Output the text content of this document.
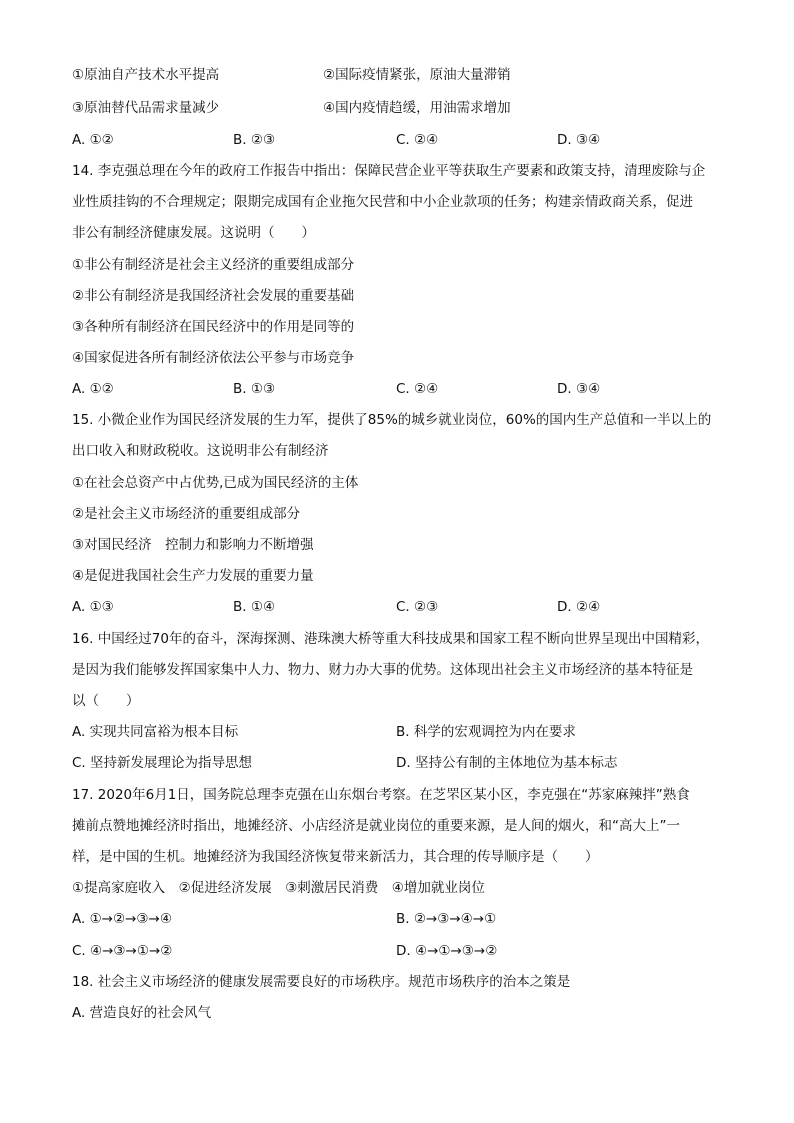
①原油自产技术水平提高	②国际疫情紧张，原油大量滞销
③原油替代品需求量减少	④国内疫情趋缓，用油需求增加
A. ①②	B. ②③	C. ②④	D. ③④
14. 李克强总理在今年的政府工作报告中指出：保障民营企业平等获取生产要素和政策支持，清理废除与企
业性质挂钩的不合理规定；限期完成国有企业拖欠民营和中小企业款项的任务；构建亲情政商关系，促进
非公有制经济健康发展。这说明（　　）
①非公有制经济是社会主义经济的重要组成部分
②非公有制经济是我国经济社会发展的重要基础
③各种所有制经济在国民经济中的作用是同等的
④国家促进各所有制经济依法公平参与市场竞争
A. ①②	B. ①③	C. ②④	D. ③④
15. 小微企业作为国民经济发展的生力军，提供了85%的城乡就业岗位，60%的国内生产总值和一半以上的
出口收入和财政税收。这说明非公有制经济
①在社会总资产中占优势,已成为国民经济的主体
②是社会主义市场经济的重要组成部分
③对国民经济　控制力和影响力不断增强
④是促进我国社会生产力发展的重要力量
A. ①③	B. ①④	C. ②③	D. ②④
16. 中国经过70年的奋斗，深海探测、港珠澳大桥等重大科技成果和国家工程不断向世界呈现出中国精彩，
是因为我们能够发挥国家集中人力、物力、财力办大事的优势。这体现出社会主义市场经济的基本特征是
以（　　）
A. 实现共同富裕为根本目标	B. 科学的宏观调控为内在要求
C. 坚持新发展理论为指导思想	D. 坚持公有制的主体地位为基本标志
17. 2020年6月1日，国务院总理李克强在山东烟台考察。在芝罘区某小区，李克强在“苏家麻辣拌”熟食
摊前点赞地摊经济时指出，地摊经济、小店经济是就业岗位的重要来源，是人间的烟火，和“高大上”一
样，是中国的生机。地摊经济为我国经济恢复带来新活力，其合理的传导顺序是（　　）
①提高家庭收入　②促进经济发展　③刺激居民消费　④增加就业岗位
A. ①→②→③→④	B. ②→③→④→①
C. ④→③→①→②	D. ④→①→③→②
18. 社会主义市场经济的健康发展需要良好的市场秩序。规范市场秩序的治本之策是
A. 营造良好的社会风气
